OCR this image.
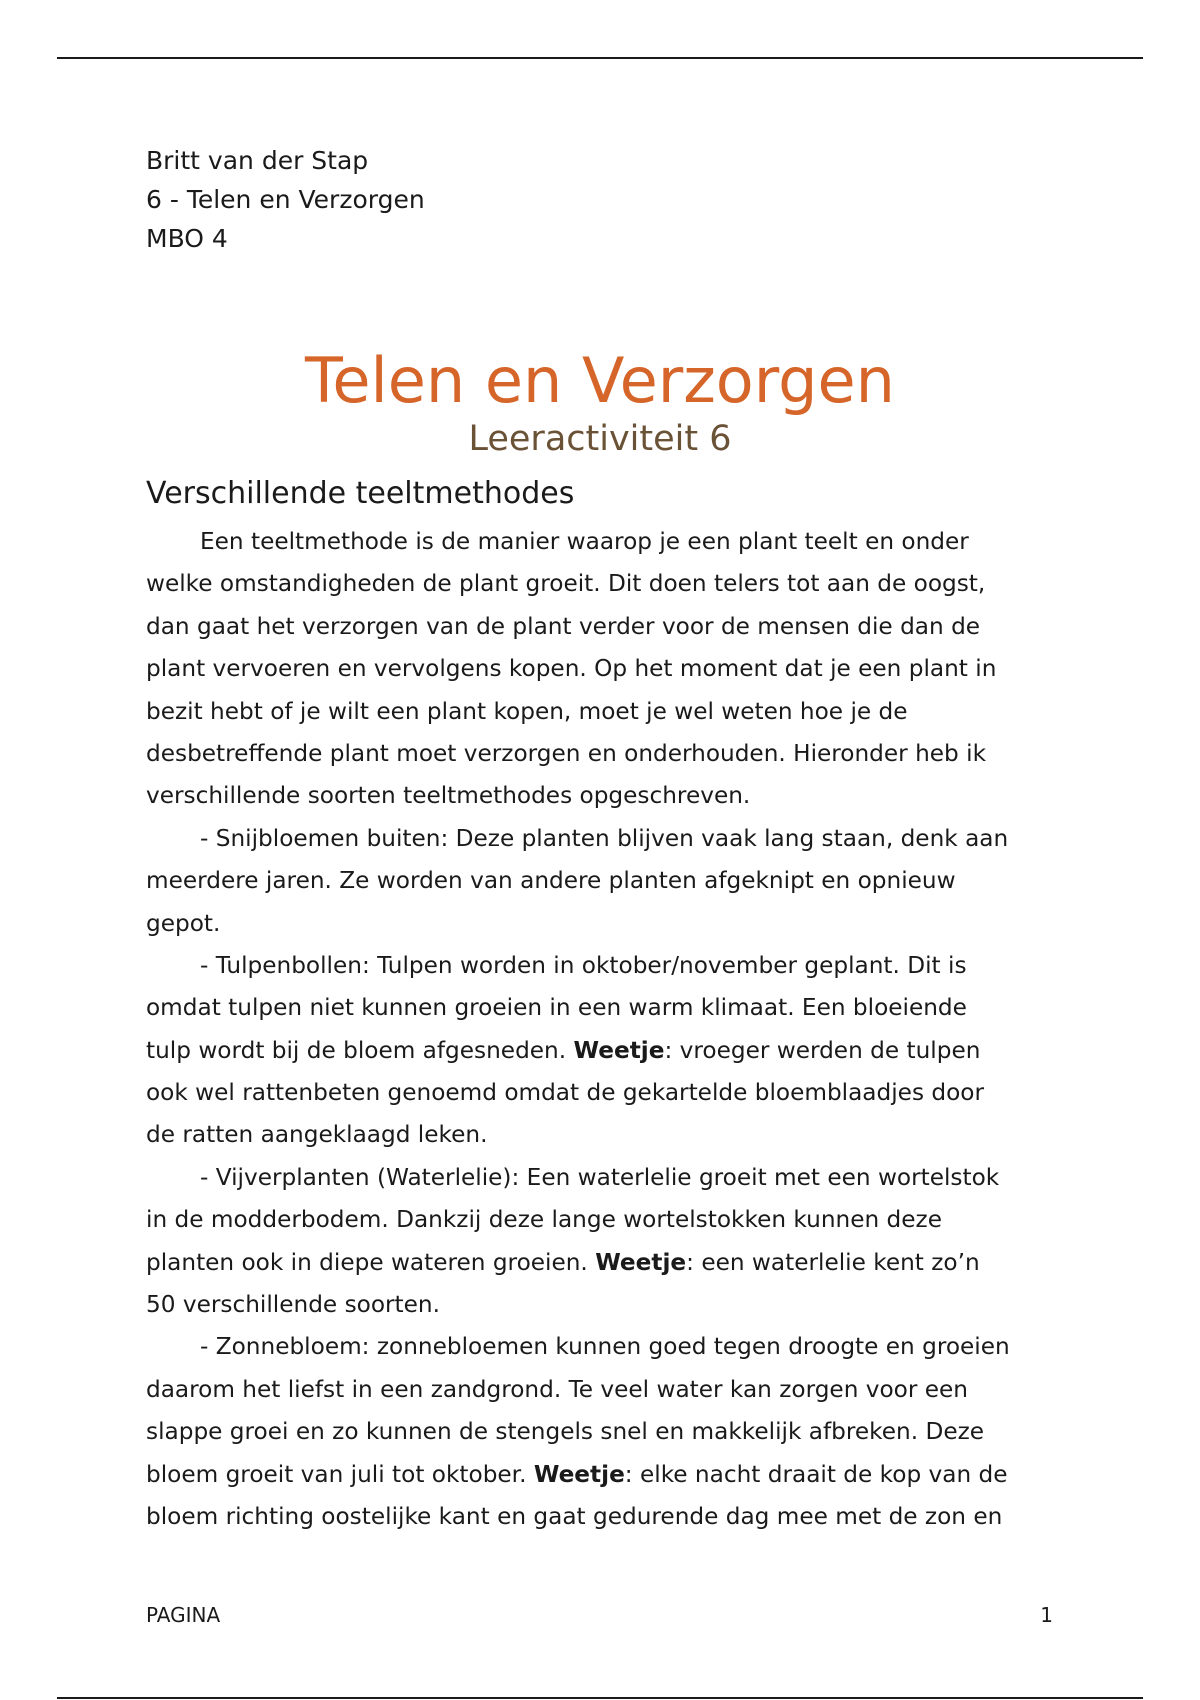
Britt van der Stap
6 - Telen en Verzorgen
MBO 4
Telen en Verzorgen
Leeractiviteit 6
Verschillende teeltmethodes
Een teeltmethode is de manier waarop je een plant teelt en onder
welke omstandigheden de plant groeit. Dit doen telers tot aan de oogst,
dan gaat het verzorgen van de plant verder voor de mensen die dan de
plant vervoeren en vervolgens kopen. Op het moment dat je een plant in
bezit hebt of je wilt een plant kopen, moet je wel weten hoe je de
desbetreffende plant moet verzorgen en onderhouden. Hieronder heb ik
verschillende soorten teeltmethodes opgeschreven.
- Snijbloemen buiten: Deze planten blijven vaak lang staan, denk aan
meerdere jaren. Ze worden van andere planten afgeknipt en opnieuw
gepot.
- Tulpenbollen: Tulpen worden in oktober/november geplant. Dit is
omdat tulpen niet kunnen groeien in een warm klimaat. Een bloeiende
tulp wordt bij de bloem afgesneden. Weetje: vroeger werden de tulpen
ook wel rattenbeten genoemd omdat de gekartelde bloemblaadjes door
de ratten aangeklaagd leken.
- Vijverplanten (Waterlelie): Een waterlelie groeit met een wortelstok
in de modderbodem. Dankzij deze lange wortelstokken kunnen deze
planten ook in diepe wateren groeien. Weetje: een waterlelie kent zo’n
50 verschillende soorten.
- Zonnebloem: zonnebloemen kunnen goed tegen droogte en groeien
daarom het liefst in een zandgrond. Te veel water kan zorgen voor een
slappe groei en zo kunnen de stengels snel en makkelijk afbreken. Deze
bloem groeit van juli tot oktober. Weetje: elke nacht draait de kop van de
bloem richting oostelijke kant en gaat gedurende dag mee met de zon en
PAGINA	1
